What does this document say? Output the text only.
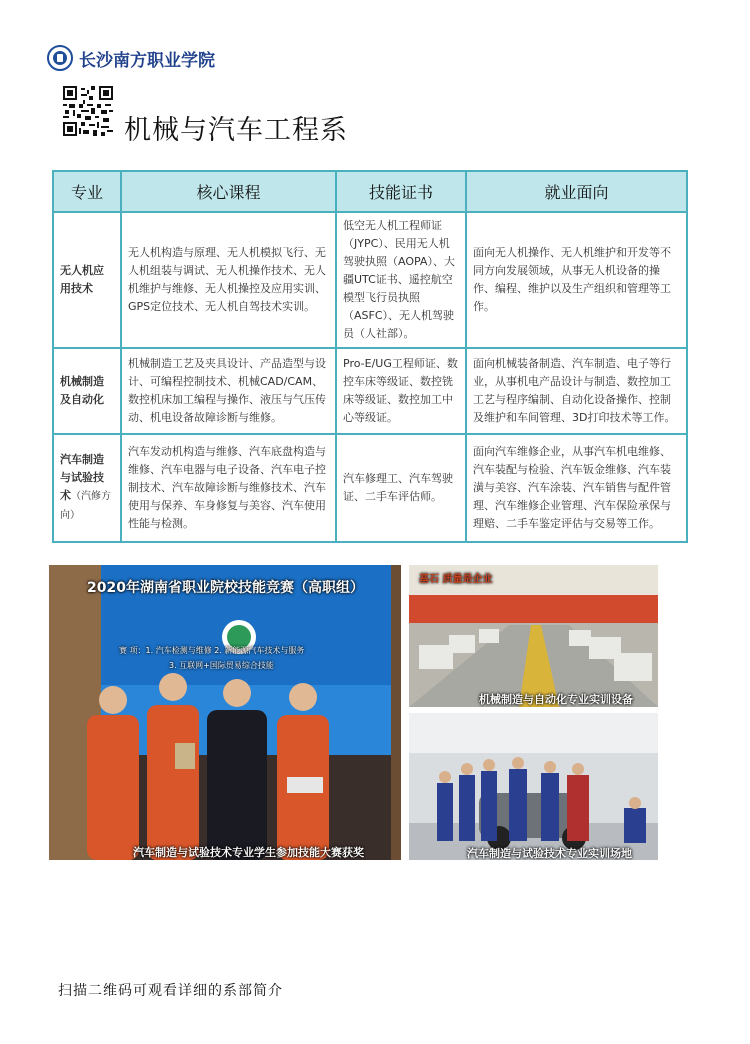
长沙南方职业学院
机械与汽车工程系
专业	核心课程	技能证书	就业面向
无人机应用技术	无人机构造与原理、无人机模拟飞行、无人机组装与调试、无人机操作技术、无人机维护与维修、无人机操控及应用实训、GPS定位技术、无人机自驾技术实训。	低空无人机工程师证（JYPC）、民用无人机驾驶执照（AOPA）、大疆UTC证书、遥控航空模型飞行员执照（ASFC）、无人机驾驶员（人社部）。	面向无人机操作、无人机维护和开发等不同方向发展领域，从事无人机设备的操作、编程、维护以及生产组织和管理等工作。
机械制造及自动化	机械制造工艺及夹具设计、产品造型与设计、可编程控制技术、机械CAD/CAM、数控机床加工编程与操作、液压与气压传动、机电设备故障诊断与维修。	Pro-E/UG工程师证、数控车床等级证、数控铣床等级证、数控加工中心等级证。	面向机械装备制造、汽车制造、电子等行业，从事机电产品设计与制造、数控加工工艺与程序编制、自动化设备操作、控制及维护和车间管理、3D打印技术等工作。
汽车制造与试验技术（汽修方向）	汽车发动机构造与维修、汽车底盘构造与维修、汽车电器与电子设备、汽车电子控制技术、汽车故障诊断与维修技术、汽车使用与保养、车身修复与美容、汽车使用性能与检测。	汽车修理工、汽车驾驶证、二手车评估师。	面向汽车维修企业，从事汽车机电维修、汽车装配与检验、汽车钣金维修、汽车装潢与美容、汽车涂装、汽车销售与配件管理、汽车维修企业管理、汽车保险承保与理赔、二手车鉴定评估与交易等工作。
2020年湖南省职业院校技能竞赛（高职组）
赛 项：1. 汽车检测与维修 2. 新能源汽车技术与服务
3. 互联网+国际贸易综合技能
汽车制造与试验技术专业学生参加技能大赛获奖
基石 质量是企业
机械制造与自动化专业实训设备
汽车制造与试验技术专业实训场地
扫描二维码可观看详细的系部简介
